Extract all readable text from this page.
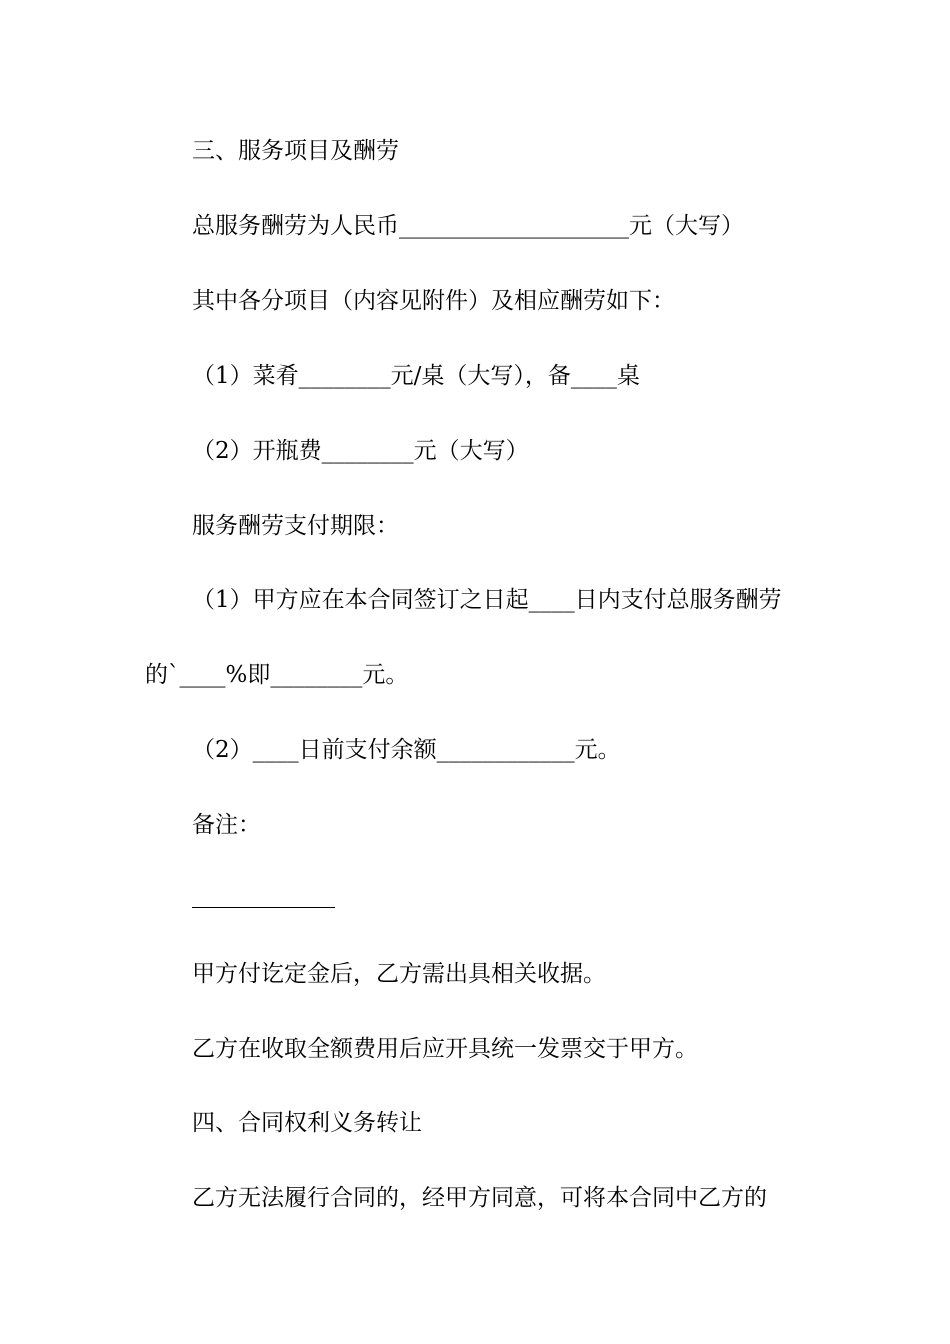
三、服务项目及酬劳
总服务酬劳为人民币____________________元（大写）
其中各分项目（内容见附件）及相应酬劳如下：
（1）菜肴________元/桌（大写），备____桌
（2）开瓶费________元（大写）
服务酬劳支付期限：
（1）甲方应在本合同签订之日起____日内支付总服务酬劳
的`____%即________元。
（2）____日前支付余额____________元。
备注：
甲方付讫定金后，乙方需出具相关收据。
乙方在收取全额费用后应开具统一发票交于甲方。
四、合同权利义务转让
乙方无法履行合同的，经甲方同意，可将本合同中乙方的
